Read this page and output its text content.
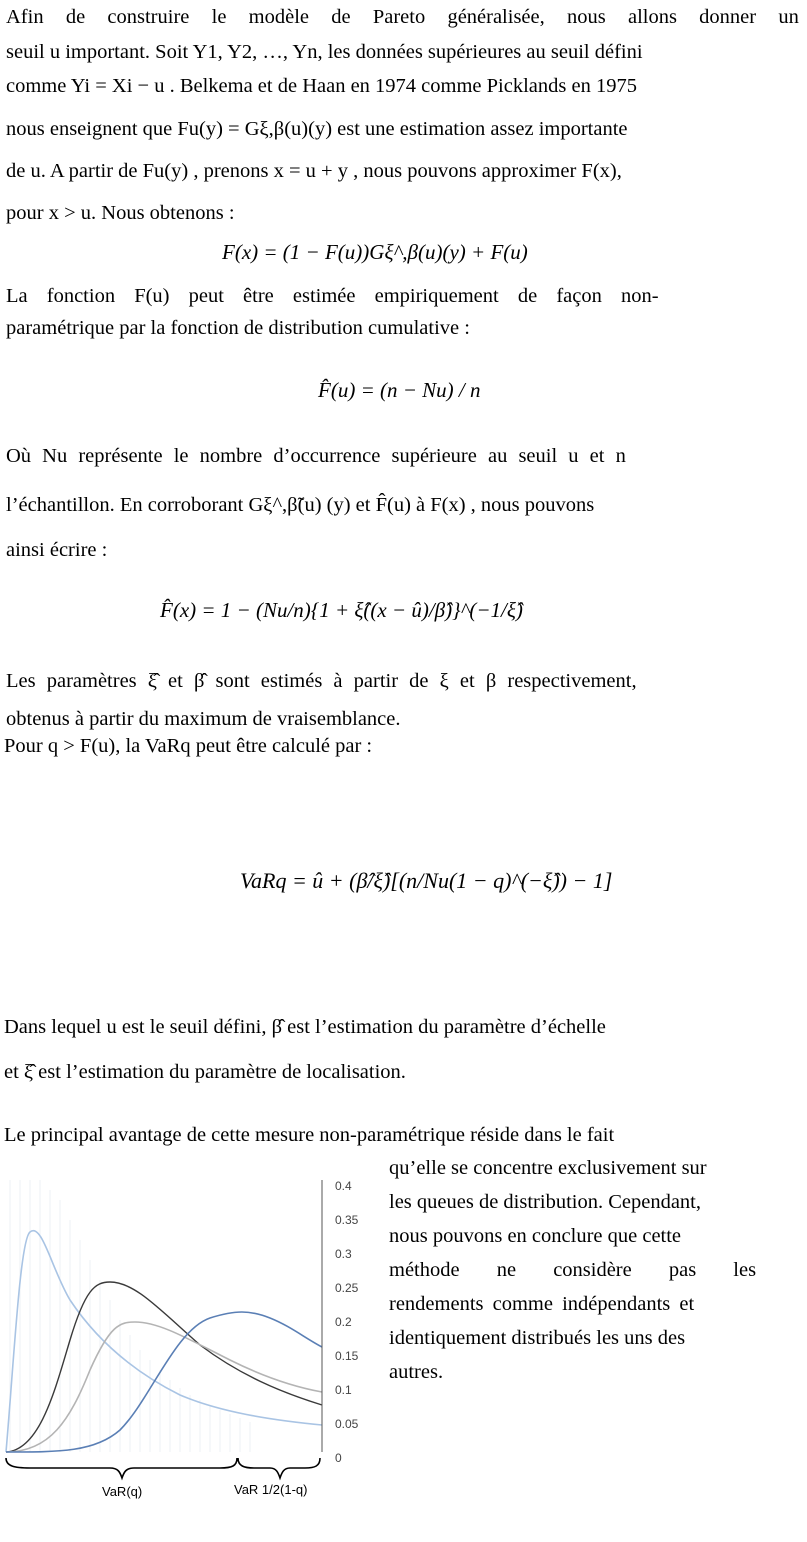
Afin de construire le modèle de Pareto généralisée, nous allons donner un
seuil u important. Soit Y1, Y2, …, Yn, les données supérieures au seuil défini
comme Yi = Xi − u . Belkema et de Haan en 1974 comme Picklands en 1975
nous enseignent que Fu(y) = Gξ,β(u)(y) est une estimation assez importante
de u. A partir de Fu(y) , prenons x = u + y , nous pouvons approximer F(x),
pour x > u. Nous obtenons :
F(x) = (1 − F(u))Gξ^,β(u)(y) + F(u)
La fonction F(u) peut être estimée empiriquement de façon non-
paramétrique par la fonction de distribution cumulative :
F̂(u) = (n − Nu) / n
Où Nu représente le nombre d’occurrence supérieure au seuil u et n
l’échantillon. En corroborant Gξ^,β̃(u) (y) et F̂(u) à F(x) , nous pouvons
ainsi écrire :
F̂(x) = 1 − (Nu/n){1 + ξ̂((x − û)/β̂)}^(−1/ξ̂)
Les paramètres ξ̂ et β̂ sont estimés à partir de ξ et β respectivement,
obtenus à partir du maximum de vraisemblance.
Pour q > F(u), la VaRq peut être calculé par :
VaRq = û + (β̂/ξ̂)[(n/Nu(1 − q)^(−ξ̂)) − 1]
Dans lequel u est le seuil défini, β̂ est l’estimation du paramètre d’échelle
et ξ̂ est l’estimation du paramètre de localisation.
Le principal avantage de cette mesure non-paramétrique réside dans le fait
qu’elle se concentre exclusivement sur
les queues de distribution. Cependant,
nous pouvons en conclure que cette
méthode ne considère pas les
rendements comme indépendants et
identiquement distribués les uns des
autres.
0.4
0.35
0.3
0.25
0.2
0.15
0.1
0.05
0
VaR(q)	VaR 1/2(1-q)
